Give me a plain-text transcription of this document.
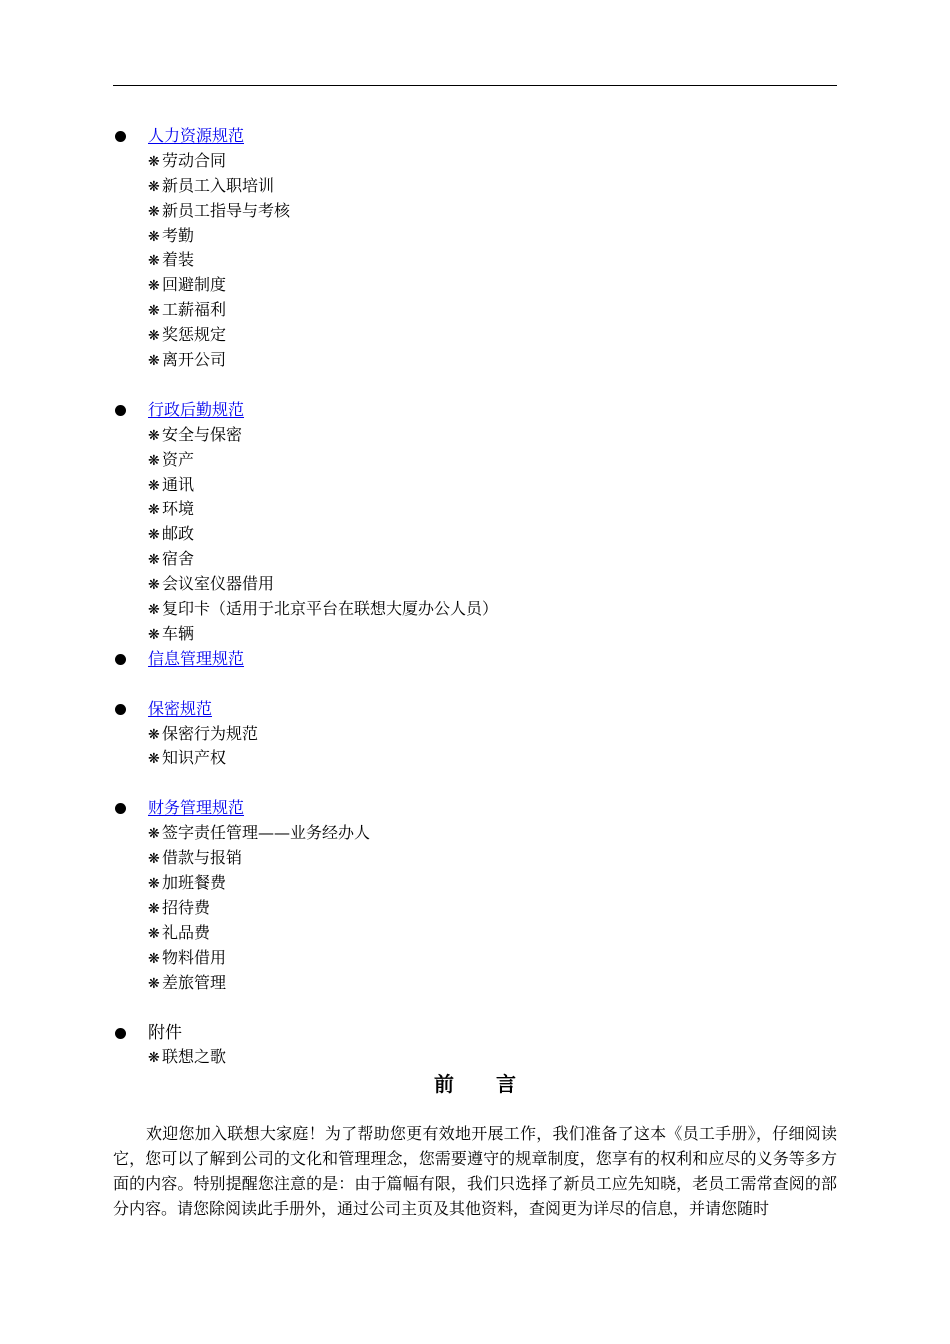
人力资源规范
❋ 劳动合同
❋ 新员工入职培训
❋ 新员工指导与考核
❋ 考勤
❋ 着装
❋ 回避制度
❋ 工薪福利
❋ 奖惩规定
❋ 离开公司
行政后勤规范
❋ 安全与保密
❋ 资产
❋ 通讯
❋ 环境
❋ 邮政
❋ 宿舍
❋ 会议室仪器借用
❋ 复印卡（适用于北京平台在联想大厦办公人员）
❋ 车辆
信息管理规范
保密规范
❋ 保密行为规范
❋ 知识产权
财务管理规范
❋ 签字责任管理——业务经办人
❋ 借款与报销
❋ 加班餐费
❋ 招待费
❋ 礼品费
❋ 物料借用
❋ 差旅管理
附件
❋ 联想之歌
前言
欢迎您加入联想大家庭！为了帮助您更有效地开展工作，我们准备了这本《员工手册》，仔细阅读它，您可以了解到公司的文化和管理理念，您需要遵守的规章制度，您享有的权利和应尽的义务等多方面的内容。特别提醒您注意的是：由于篇幅有限，我们只选择了新员工应先知晓，老员工需常查阅的部分内容。请您除阅读此手册外，通过公司主页及其他资料，查阅更为详尽的信息，并请您随时
